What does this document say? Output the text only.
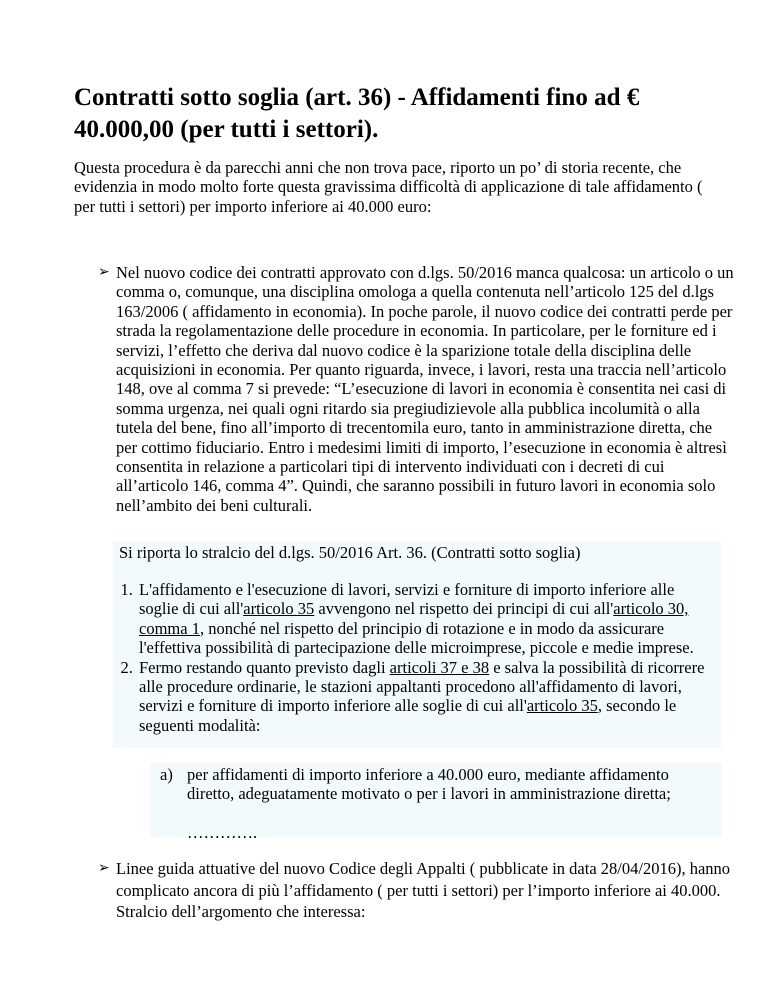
Contratti sotto soglia (art. 36) - Affidamenti fino ad € 40.000,00 (per tutti i settori).

Questa procedura è da parecchi anni che non trova pace, riporto un po’ di storia recente, che evidenzia in modo molto forte questa gravissima difficoltà di applicazione di tale affidamento ( per tutti i settori) per importo inferiore ai 40.000 euro:

➢ Nel nuovo codice dei contratti approvato con d.lgs. 50/2016 manca qualcosa: un articolo o un comma o, comunque, una disciplina omologa a quella contenuta nell’articolo 125 del d.lgs 163/2006 ( affidamento in economia). In poche parole, il nuovo codice dei contratti perde per strada la regolamentazione delle procedure in economia. In particolare, per le forniture ed i servizi, l’effetto che deriva dal nuovo codice è la sparizione totale della disciplina delle acquisizioni in economia. Per quanto riguarda, invece, i lavori, resta una traccia nell’articolo 148, ove al comma 7 si prevede: “L’esecuzione di lavori in economia è consentita nei casi di somma urgenza, nei quali ogni ritardo sia pregiudizievole alla pubblica incolumità o alla tutela del bene, fino all’importo di trecentomila euro, tanto in amministrazione diretta, che per cottimo fiduciario. Entro i medesimi limiti di importo, l’esecuzione in economia è altresì consentita in relazione a particolari tipi di intervento individuati con i decreti di cui all’articolo 146, comma 4”. Quindi, che saranno possibili in futuro lavori in economia solo nell’ambito dei beni culturali.

Si riporta lo stralcio del d.lgs. 50/2016 Art. 36. (Contratti sotto soglia)

1. L'affidamento e l'esecuzione di lavori, servizi e forniture di importo inferiore alle soglie di cui all'articolo 35 avvengono nel rispetto dei principi di cui all'articolo 30, comma 1, nonché nel rispetto del principio di rotazione e in modo da assicurare l'effettiva possibilità di partecipazione delle microimprese, piccole e medie imprese.
2. Fermo restando quanto previsto dagli articoli 37 e 38 e salva la possibilità di ricorrere alle procedure ordinarie, le stazioni appaltanti procedono all'affidamento di lavori, servizi e forniture di importo inferiore alle soglie di cui all'articolo 35, secondo le seguenti modalità:
a) per affidamenti di importo inferiore a 40.000 euro, mediante affidamento diretto, adeguatamente motivato o per i lavori in amministrazione diretta;
………….
➢ Linee guida attuative del nuovo Codice degli Appalti ( pubblicate in data 28/04/2016), hanno complicato ancora di più l’affidamento ( per tutti i settori) per l’importo inferiore ai 40.000. Stralcio dell’argomento che interessa:
